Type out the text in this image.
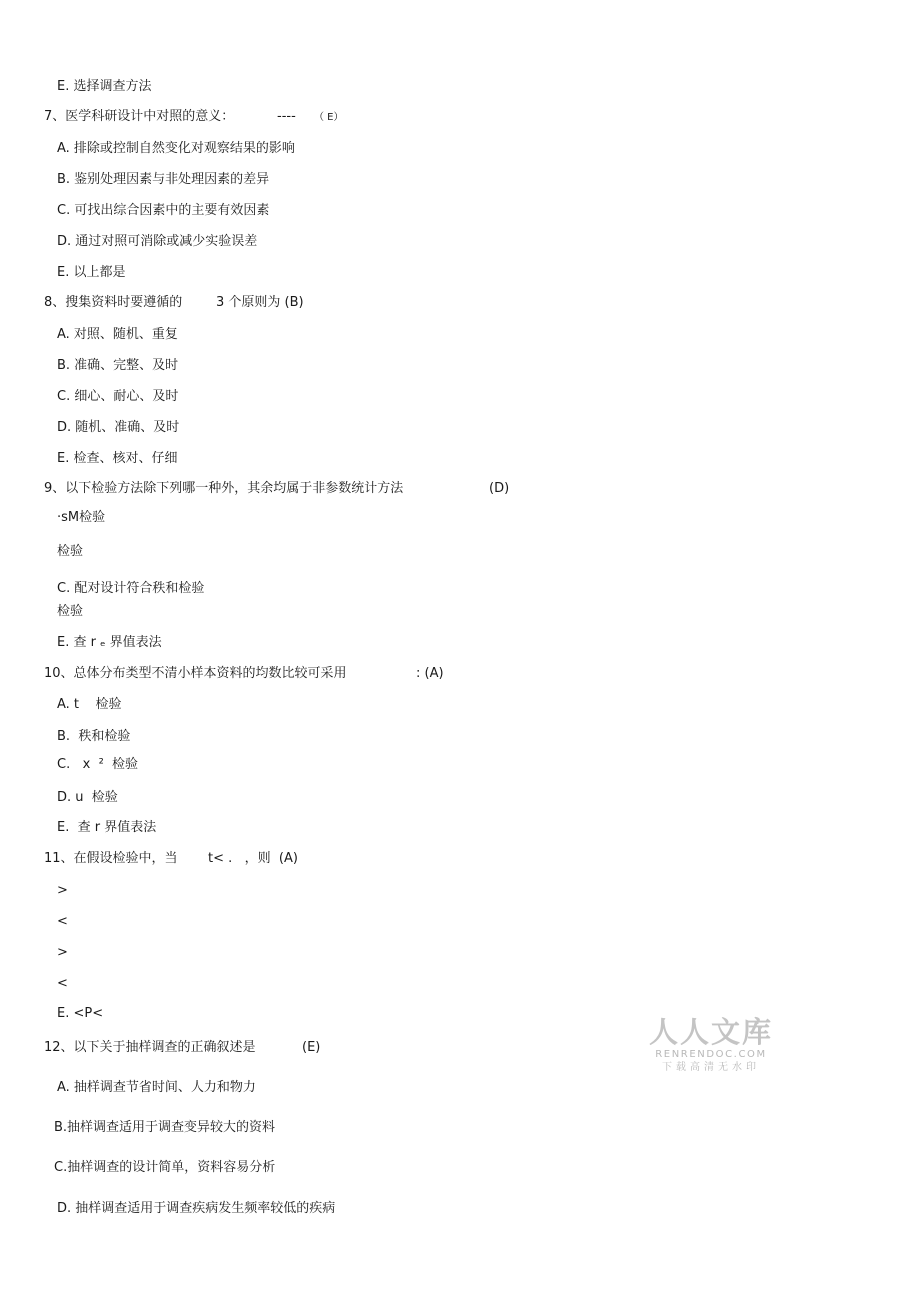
E. 选择调查方法
7、医学科研设计中对照的意义：	---- （ E）
A. 排除或控制自然变化对观察结果的影响
B. 鉴别处理因素与非处理因素的差异
C. 可找出综合因素中的主要有效因素
D. 通过对照可消除或减少实验误差
E. 以上都是
8、搜集资料时要遵循的	3 个原则为 (B)
A. 对照、随机、重复
B. 准确、完整、及时
C. 细心、耐心、及时
D. 随机、准确、及时
E. 检查、核对、仔细
9、以下检验方法除下列哪一种外，其余均属于非参数统计方法	(D)
·sM检验
检验
C. 配对设计符合秩和检验
检验
E. 查 r ₑ 界值表法
10、总体分布类型不清小样本资料的均数比较可采用	: (A)
A. t    检验
B.  秩和检验
C.   x  ²  检验
D. u  检验
E.  查 r 界值表法
11、在假设检验中，当 t< .   ，则  (A)
>
<
>
<
E. <P<
12、以下关于抽样调查的正确叙述是	(E)
A. 抽样调查节省时间、人力和物力
B.抽样调查适用于调查变异较大的资料
C.抽样调查的设计简单，资料容易分析
D. 抽样调查适用于调查疾病发生频率较低的疾病
人人文库
RENRENDOC.COM
下载高清无水印
